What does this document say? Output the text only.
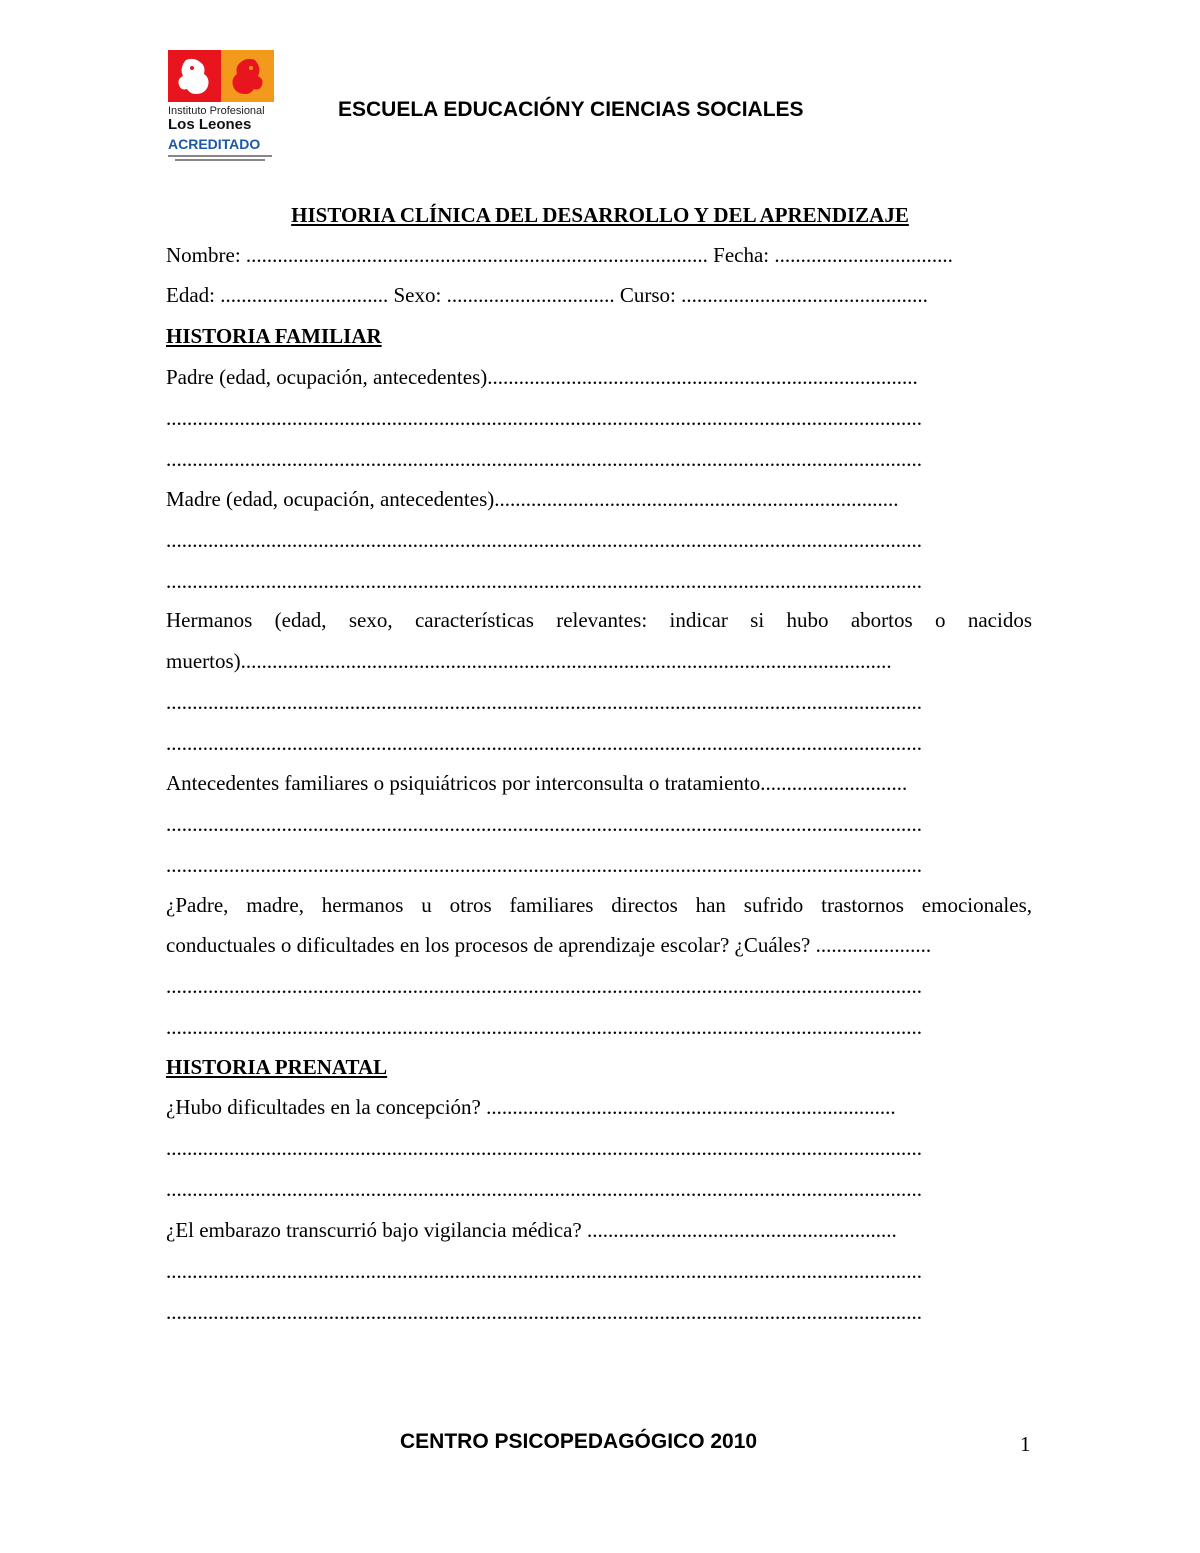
Instituto Profesional
Los Leones
ACREDITADO
ESCUELA EDUCACIÓNY CIENCIAS SOCIALES
HISTORIA CLÍNICA DEL DESARROLLO Y DEL APRENDIZAJE
Nombre: ........................................................................................ Fecha: ..................................
Edad: ................................ Sexo: ................................ Curso: ...............................................
HISTORIA FAMILIAR
Padre (edad, ocupación, antecedentes)..................................................................................
................................................................................................................................................
................................................................................................................................................
Madre (edad, ocupación, antecedentes).............................................................................
................................................................................................................................................
................................................................................................................................................
Hermanos (edad, sexo, características relevantes: indicar si hubo abortos o nacidos
muertos)............................................................................................................................
................................................................................................................................................
................................................................................................................................................
Antecedentes familiares o psiquiátricos por interconsulta o tratamiento............................
................................................................................................................................................
................................................................................................................................................
¿Padre, madre, hermanos u otros familiares directos han sufrido trastornos emocionales,
conductuales o dificultades en los procesos de aprendizaje escolar? ¿Cuáles? ......................
................................................................................................................................................
................................................................................................................................................
HISTORIA PRENATAL
¿Hubo dificultades en la concepción? ..............................................................................
................................................................................................................................................
................................................................................................................................................
¿El embarazo transcurrió bajo vigilancia médica? ...........................................................
................................................................................................................................................
................................................................................................................................................
CENTRO PSICOPEDAGÓGICO 2010	1
